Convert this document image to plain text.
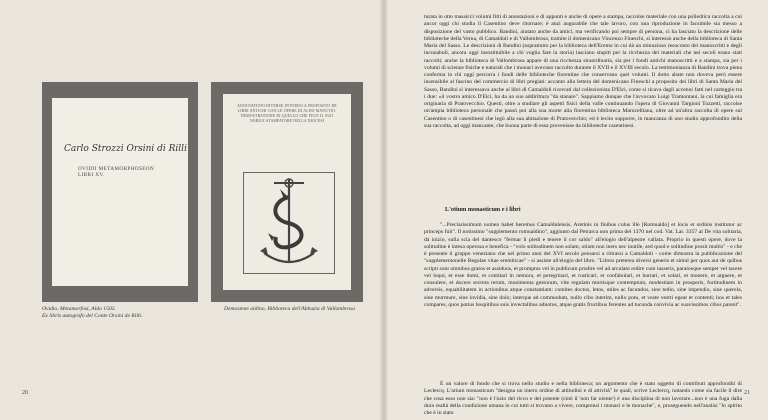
Carlo Strozzi Orsini di Rilli
OVIDII METAMORPHOSEON LIBRI XV.
ANNOTATIONI DIVERSE INTORNO A PROPOSITO DE LIBRI ANTICHI CON LE OPERE DI ALDO MANUTIO. DEMOSTRATIONE DI QUELLO CHE FECE IL SUO NOBILE STAMPATORE NELLA DIOCESI
Ovidio, Metamorfosi, Aldo 1502.
Ex libris autografo del Conte Orsini de Rilli.
Demostene aldino, Biblioteca dell'Abbazia di Vallombrosa
20
turata in otto massicci volumi fitti di annotazioni e di appunti e anche di opere a stampa, raccolse materiale con una poliedrica raccolta a cui ancor oggi chi studia il Casentino deve ritornare; è anzi augurabile che tale lavoro, con una riproduzione in facsimile sia messo a disposizione del vasto pubblico. Bandini, aiutato anche da amici, ma verificando poi sempre di persona, ci ha lasciato la descrizione delle biblioteche della Verna, di Camaldoli e di Vallombrosa, tramite il domenicano Vincenzo Fineschi, si interessò anche della biblioteca di Santa Maria del Sasso. Le descrizioni di Bandini (soprattutto per la biblioteca dell'Eremo in cui dà un minuzioso resoconto dei manoscritti e degli incunaboli, ancora oggi insostituibile a chi voglia fare la storia) lasciano stupiti per la ricchezza dei materiali che nei secoli erano stati raccolti; anche la biblioteca di Vallombrosa appare di una ricchezza straordinaria, sia per i fondi antichi manoscritti e a stampa, sia per i volumi di scienze fisiche e naturali che i monaci avevano raccolto durante il XVII e il XVIII secolo. La testimonianza di Bandini trova piena conferma in chi oggi percorra i fondi delle biblioteche fiorentine che conservano quei volumi. Il dotto abate non doveva però essere insensibile al fascino del commercio di libri pregiati: accanto alla lettera del domenicano Fineschi a proposito dei libri di Santa Maria del Sasso, Bandini si interessava anche ai libri di Camaldoli ricercati dal collezionista D'Elci, come si ricava dagli accenni fatti nel carteggio tra i due: «il vostro amico D'Elci, ha da un suo addirittura "da stanare". Sappiamo dunque che l'avvocato Luigi Tramontani, la cui famiglia era originaria di Pratovecchio. Questi, oltre a studiare gli aspetti fisici della valle continuando l'opera di Giovanni Targioni Tozzetti, raccolse un'ampia biblioteca personale che passò poi alla sua morte alla fiorentina biblioteca Marucelliana, oltre ad un'altra raccolta di opere sul Casentino o di casentinesi che legò alla sua abitazione di Pratovecchio; ed è lecito supporre, in mancanza di uno studio approfondito della sua raccolta, ad oggi mancante, che buona parte di essa provenisse da biblioteche casentinesi.
L'otium monasticum e i libri
"...Preclarissimum nomen habet heremus Camaldulensis, Aretinis in finibus culus ille [Romualdo] et locis et ordinis institutor ac princeps fuit". Il notissimo "supplemento romualdino", aggiunto dal Petrarca non prima del 1370 nel cod. Vat. Lat. 3357 al De vita solitaria, dà inizio, sulla scia del dantesco "fermar li piedi e tenere il cor saldo" all'elogio dell'alpestre vallata. Proprio in questi opere, dove la solitudine è intesa operosa e benefica - "volo solitudinem non solam, otium non iners nec inutile, sed quod e solitudine prosit multis" - e che è presente il gruppo veneziano che nel primo anni del XVI secolo pensarsi a ritirarsi a Camaldoli - come dimostra la pubblicazione del "supplementonelle Regulae vitae eremiticae" - si assiste all'elogio del libro. "Libros preterea diversi generis et simul per quos aut de quibus scripti sunt omnibus gratos et assiduos, et promptos vel in publicum prodire vel ad arculam redire cum iusseris, paratosque semper vel tacere vel loqui, et esse domi, et comitari in nemora, et peregrinari, et rusticari, et confabulari, et hortari, et solari, et monere, et arguere, et consulere, et docere secreta rerum, monimenta gestorum, vite regulam mortisque contemptum, modestiam in prosperis, fortitudinem in adversis, equabilitatem in actionibus atque constantiam: comites doctos, letos, utiles ac facundos, sine tedio, sine impendio, sine querela, sine murmure, sine invidia, sine dolo; interque ad commodum, nullo cibo interim, nullo potu, et veste vestri egeat et contenti; hos et tales compares, quos potius hospitibus suis invectalibus adnotos, atque gratis fructibus ferentes ad tucunda convivia ac suavissimos cibos parent".
È un valore di fondo che si trova nello studio e nella biblioteca; un argomento che è stato oggetto di contributi approfonditi di Leclercq. L'otium monasticum "designa un intero ordine di attitudini e di attività" le quali, scrive Leclercq, notando come sia facile il dire che cosa esso non sia: "non è l'ozio del ricco e del potente (cioè il 'non far niente') è una disciplina di non lavorare...non è una fuga dalla dura realtà della condizione umana in cui tutti si trovano a vivere, comprensi i monaci e le monache", e, proseguendo nell'analisi "lo spirito che è in stato
21
